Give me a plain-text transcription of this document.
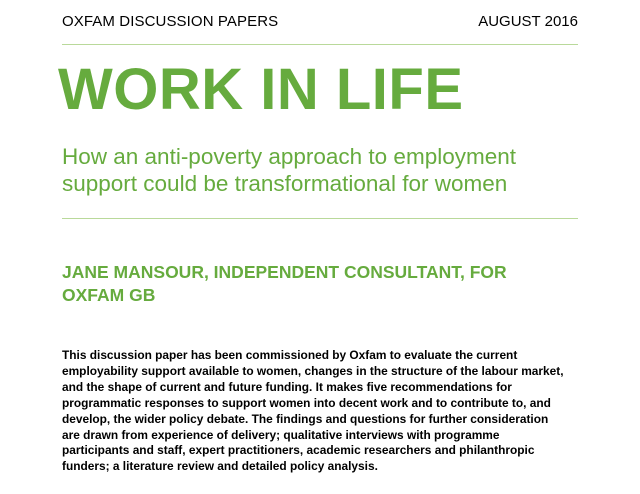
OXFAM DISCUSSION PAPERS	AUGUST 2016
WORK IN LIFE
How an anti-poverty approach to employment
support could be transformational for women
JANE MANSOUR, INDEPENDENT CONSULTANT, FOR
OXFAM GB
This discussion paper has been commissioned by Oxfam to evaluate the current
employability support available to women, changes in the structure of the labour market,
and the shape of current and future funding. It makes five recommendations for
programmatic responses to support women into decent work and to contribute to, and
develop, the wider policy debate. The findings and questions for further consideration
are drawn from experience of delivery; qualitative interviews with programme
participants and staff, expert practitioners, academic researchers and philanthropic
funders; a literature review and detailed policy analysis.
